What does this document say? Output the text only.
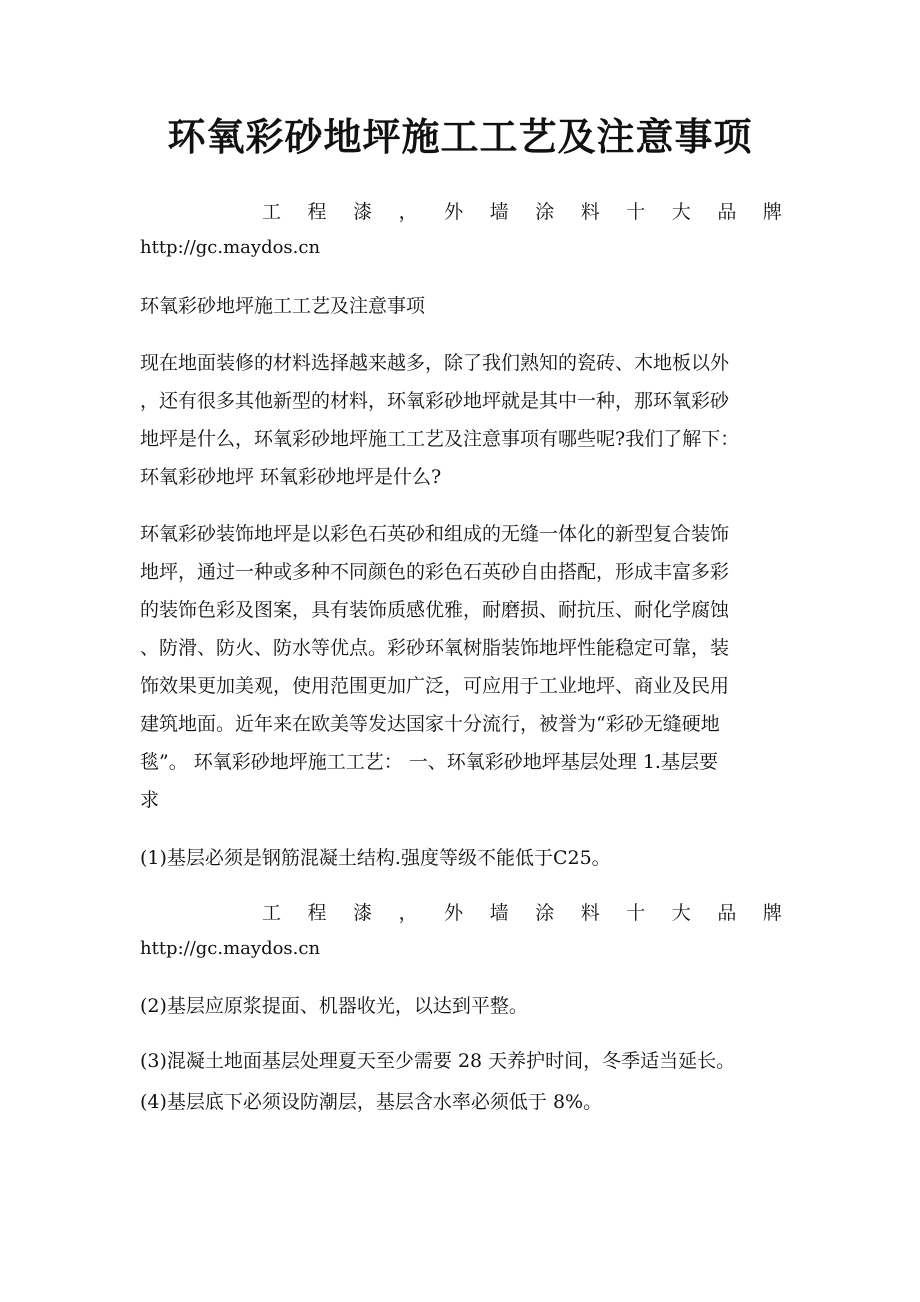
环氧彩砂地坪施工工艺及注意事项
工 程 漆 ， 外 墙 涂 料 十 大 品 牌
http://gc.maydos.cn

环氧彩砂地坪施工工艺及注意事项

现在地面装修的材料选择越来越多，除了我们熟知的瓷砖、木地板以外
，还有很多其他新型的材料，环氧彩砂地坪就是其中一种，那环氧彩砂
地坪是什么，环氧彩砂地坪施工工艺及注意事项有哪些呢?我们了解下：
环氧彩砂地坪 环氧彩砂地坪是什么?
环氧彩砂装饰地坪是以彩色石英砂和组成的无缝一体化的新型复合装饰
地坪，通过一种或多种不同颜色的彩色石英砂自由搭配，形成丰富多彩
的装饰色彩及图案，具有装饰质感优雅，耐磨损、耐抗压、耐化学腐蚀
、防滑、防火、防水等优点。彩砂环氧树脂装饰地坪性能稳定可靠，装
饰效果更加美观，使用范围更加广泛，可应用于工业地坪、商业及民用
建筑地面。近年来在欧美等发达国家十分流行，被誉为“彩砂无缝硬地
毯”。 环氧彩砂地坪施工工艺： 一、环氧彩砂地坪基层处理 1.基层要
求

(1)基层必须是钢筋混凝土结构.强度等级不能低于C25。

工 程 漆 ， 外 墙 涂 料 十 大 品 牌
http://gc.maydos.cn

(2)基层应原浆提面、机器收光，以达到平整。

(3)混凝土地面基层处理夏天至少需要 28 天养护时间，冬季适当延长。

(4)基层底下必须设防潮层，基层含水率必须低于 8%。
